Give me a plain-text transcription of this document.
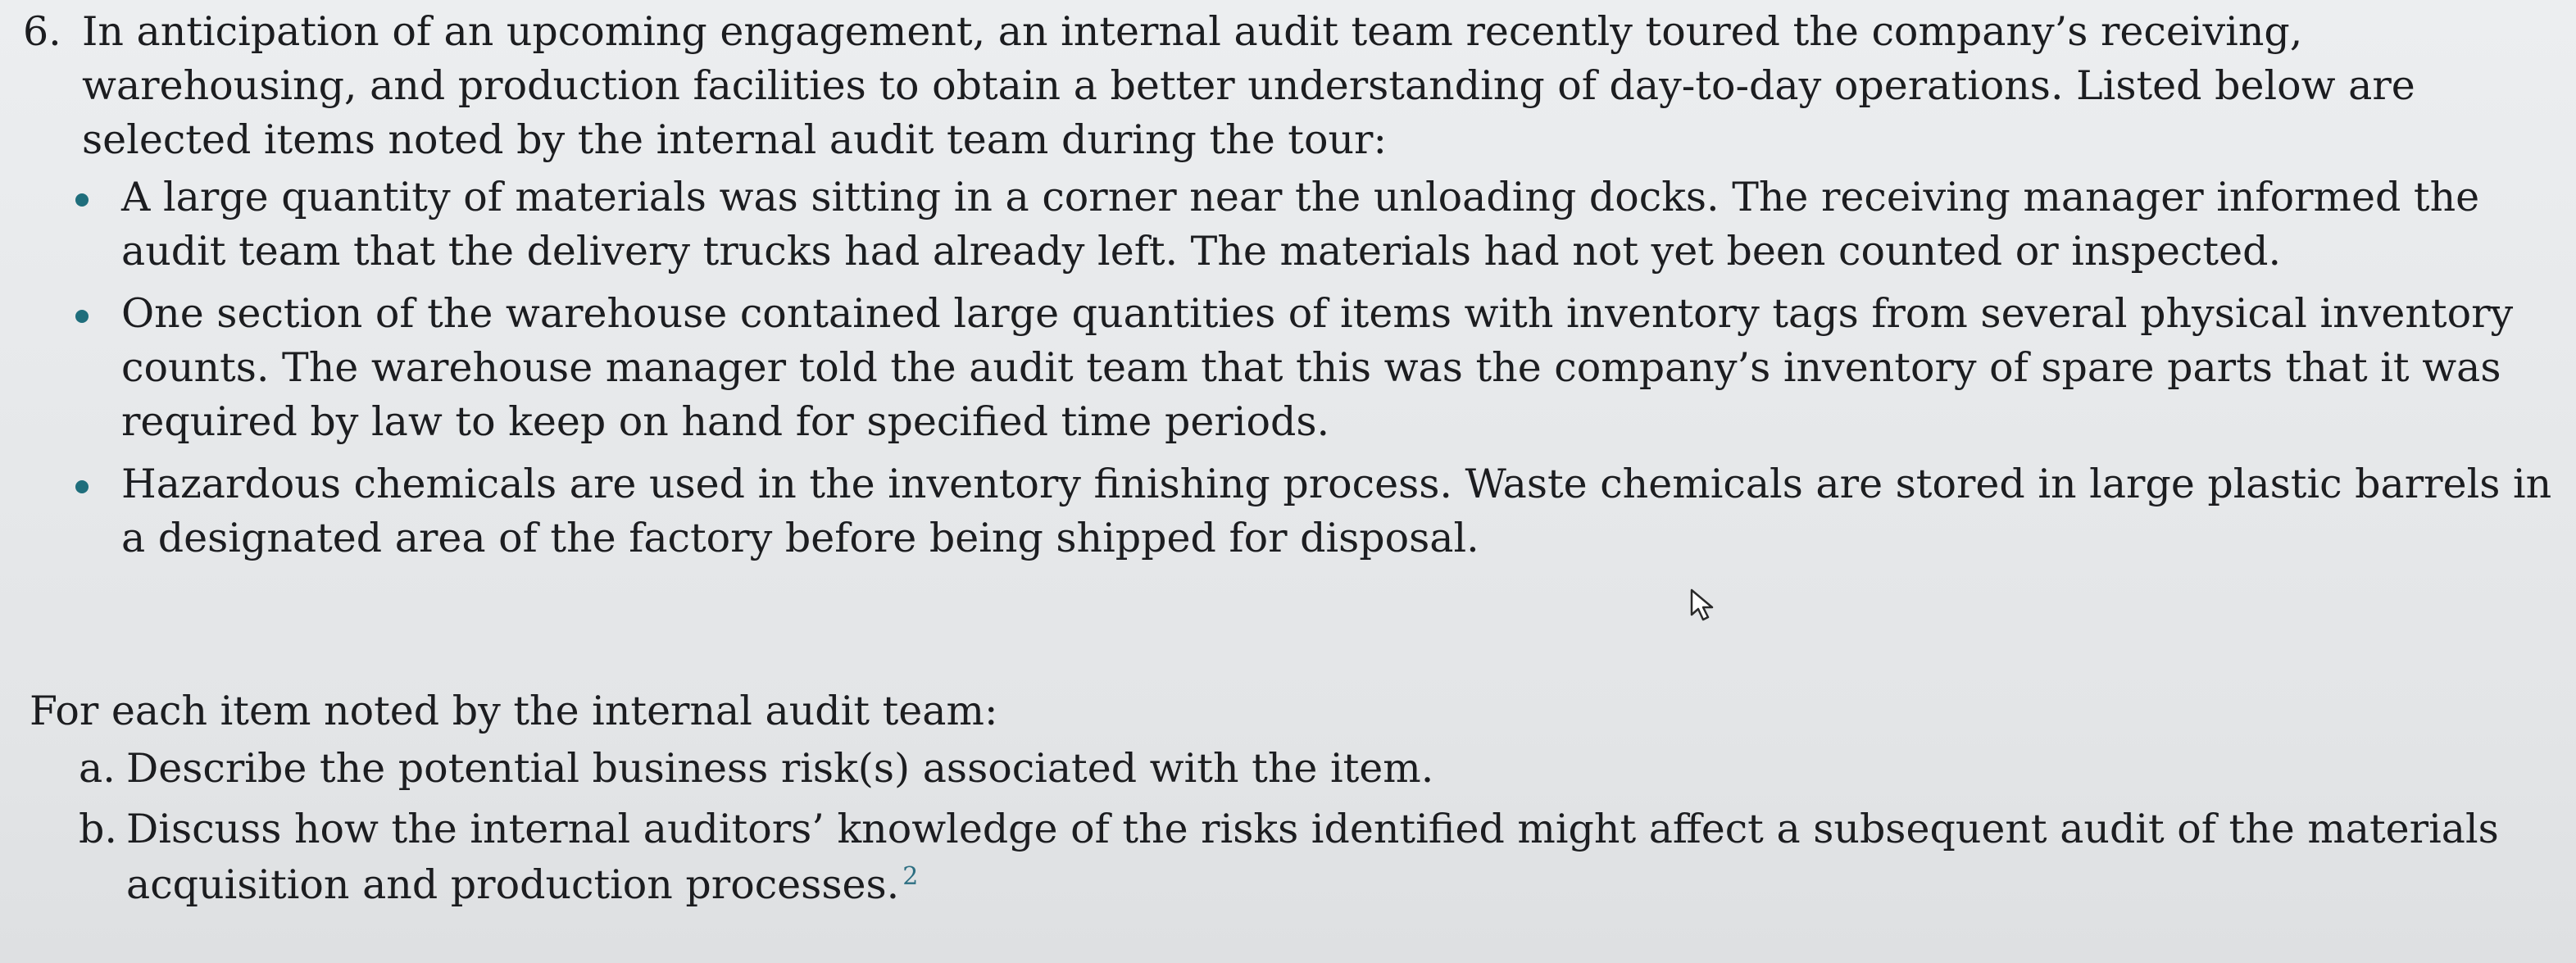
6. In anticipation of an upcoming engagement, an internal audit team recently toured the company’s receiving, warehousing, and production facilities to obtain a better understanding of day-to-day operations. Listed below are selected items noted by the internal audit team during the tour:
A large quantity of materials was sitting in a corner near the unloading docks. The receiving manager informed the audit team that the delivery trucks had already left. The materials had not yet been counted or inspected.
One section of the warehouse contained large quantities of items with inventory tags from several physical inventory counts. The warehouse manager told the audit team that this was the company’s inventory of spare parts that it was required by law to keep on hand for specified time periods.
Hazardous chemicals are used in the inventory finishing process. Waste chemicals are stored in large plastic barrels in a designated area of the factory before being shipped for disposal.
For each item noted by the internal audit team:
a. Describe the potential business risk(s) associated with the item.
b. Discuss how the internal auditors’ knowledge of the risks identified might affect a subsequent audit of the materials acquisition and production processes. $^2$
